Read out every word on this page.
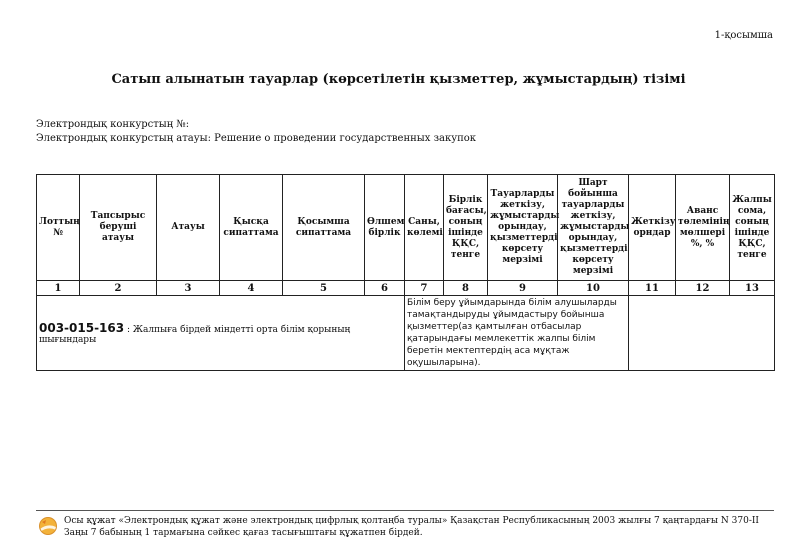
1-қосымша
Сатып алынатын тауарлар (көрсетілетін қызметтер, жұмыстардың) тізімі
Электрондық конкурстың №:
Электрондық конкурстың атауы: Решение о проведении государственных закупок
Лоттың №	Тапсырыс беруші атауы	Атауы	Қысқа сипаттама	Қосымша сипаттама	Өлшем бірлік	Саны, көлемі	Бірлік бағасы, соның ішінде ҚҚС, тенге	Тауарларды жеткізу, жұмыстарды орындау, қызметтерді көрсету мерзімі	Шарт бойынша тауарларды жеткізу, жұмыстарды орындау, қызметтерді көрсету мерзімі	Жеткізу орндар	Аванс төлемінің мөлшері %, %	Жалпы сома, соның ішінде ҚҚС, тенге
1	2	3	4	5	6	7	8	9	10	11	12	13
003-015-163 : Жалпыға бірдей міндетті орта білім қорының шығындары						Білім беру ұйымдарында білім алушыларды тамақтандыруды ұйымдастыру бойынша қызметтер(аз қамтылған отбасылар қатарындағы мемлекеттік жалпы білім беретін мектептердің аса мұқтаж оқушыларына).						
Осы құжат «Электрондық құжат және электрондық цифрлық қолтаңба туралы» Қазақстан Республикасының 2003 жылғы 7 қаңтардағы N 370-II Заңы 7 бабының 1 тармағына сәйкес қағаз тасығыштағы құжатпен бірдей.
